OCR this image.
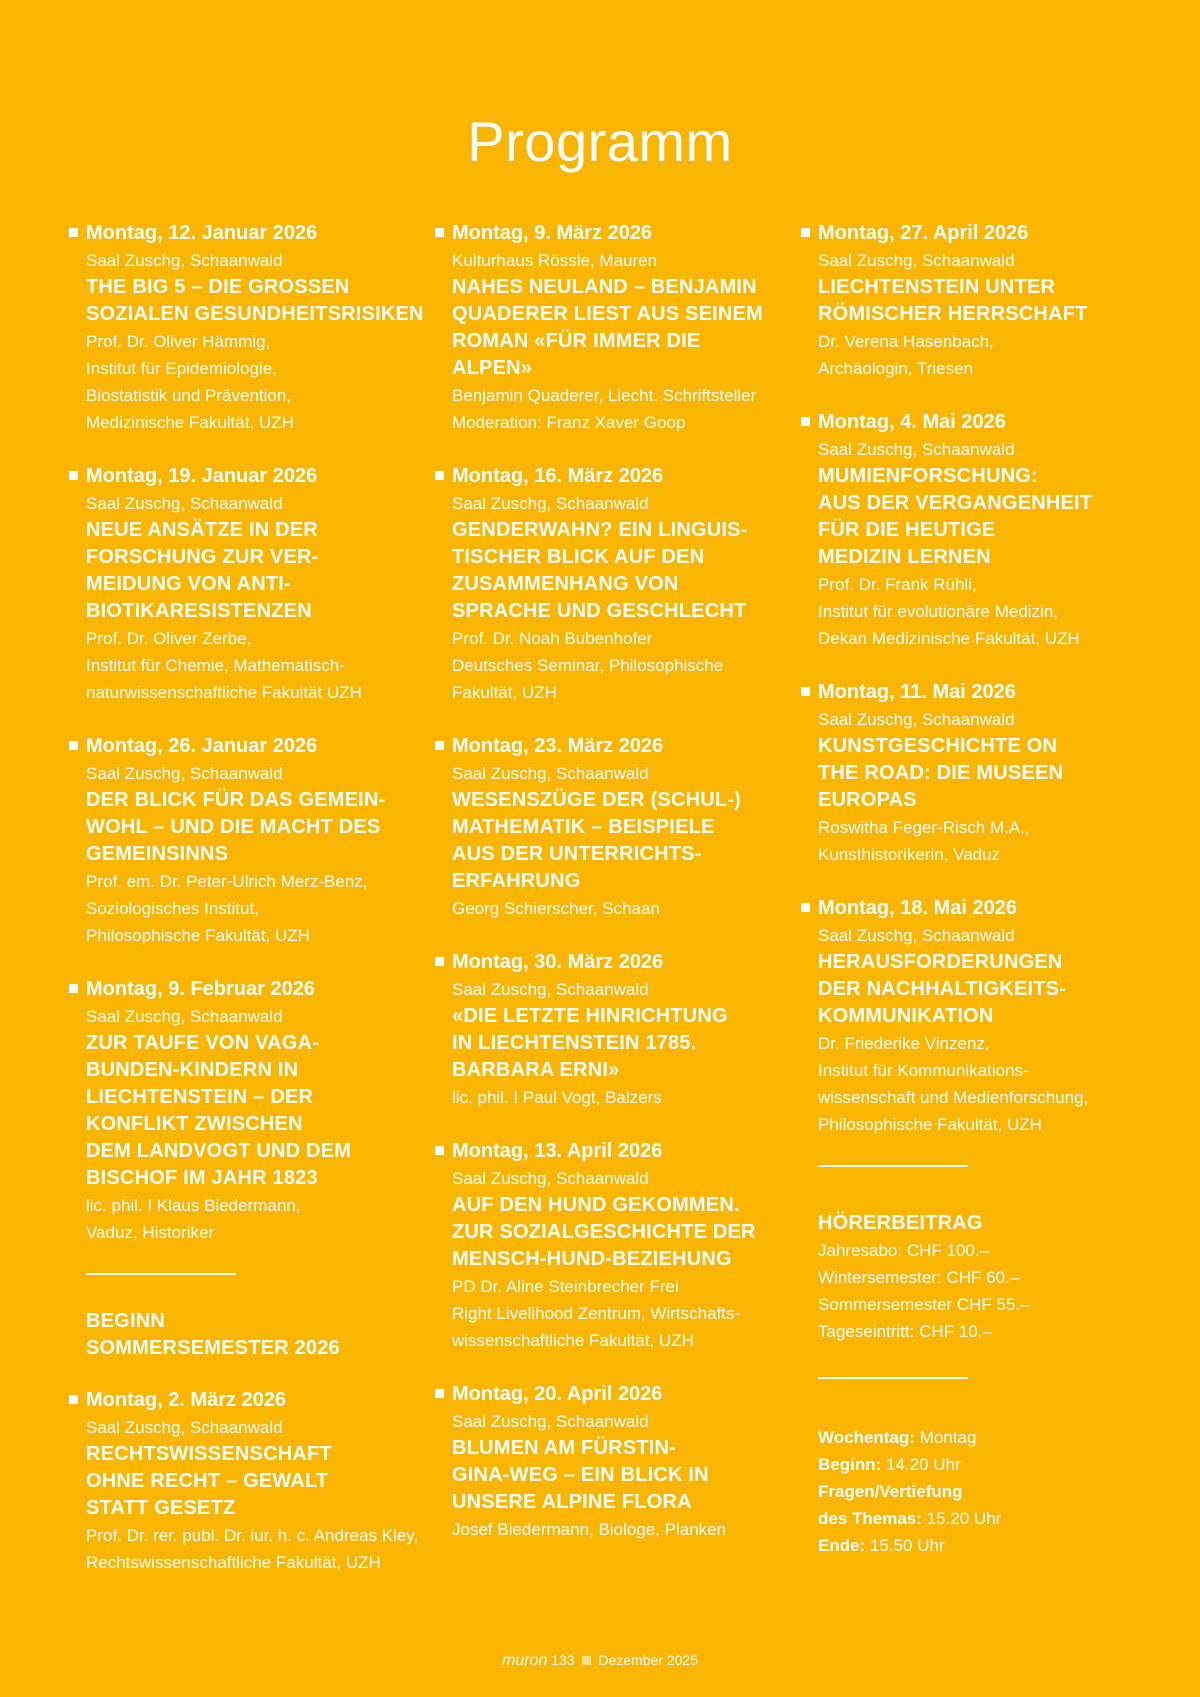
Programm
Montag, 12. Januar 2026
Saal Zuschg, Schaanwald
THE BIG 5 – DIE GROSSEN
SOZIALEN GESUNDHEITSRISIKEN
Prof. Dr. Oliver Hämmig,
Institut für Epidemiologie,
Biostatistik und Prävention,
Medizinische Fakultät, UZH
Montag, 19. Januar 2026
Saal Zuschg, Schaanwald
NEUE ANSÄTZE IN DER
FORSCHUNG ZUR VER-
MEIDUNG VON ANTI-
BIOTIKARESISTENZEN
Prof. Dr. Oliver Zerbe,
Institut für Chemie, Mathematisch-
naturwissenschaftliche Fakultät UZH
Montag, 26. Januar 2026
Saal Zuschg, Schaanwald
DER BLICK FÜR DAS GEMEIN-
WOHL – UND DIE MACHT DES
GEMEINSINNS
Prof. em. Dr. Peter-Ulrich Merz-Benz,
Soziologisches Institut,
Philosophische Fakultät, UZH
Montag, 9. Februar 2026
Saal Zuschg, Schaanwald
ZUR TAUFE VON VAGA-
BUNDEN-KINDERN IN
LIECHTENSTEIN – DER
KONFLIKT ZWISCHEN
DEM LANDVOGT UND DEM
BISCHOF IM JAHR 1823
lic. phil. I Klaus Biedermann,
Vaduz, Historiker
BEGINN
SOMMERSEMESTER 2026
Montag, 2. März 2026
Saal Zuschg, Schaanwald
RECHTSWISSENSCHAFT
OHNE RECHT – GEWALT
STATT GESETZ
Prof. Dr. rer. publ. Dr. iur. h. c. Andreas Kley,
Rechtswissenschaftliche Fakultät, UZH
Montag, 9. März 2026
Kulturhaus Rössle, Mauren
NAHES NEULAND – BENJAMIN
QUADERER LIEST AUS SEINEM
ROMAN «FÜR IMMER DIE
ALPEN»
Benjamin Quaderer, Liecht. Schriftsteller
Moderation: Franz Xaver Goop
Montag, 16. März 2026
Saal Zuschg, Schaanwald
GENDERWAHN? EIN LINGUIS-
TISCHER BLICK AUF DEN
ZUSAMMENHANG VON
SPRACHE UND GESCHLECHT
Prof. Dr. Noah Bubenhofer
Deutsches Seminar, Philosophische
Fakultät, UZH
Montag, 23. März 2026
Saal Zuschg, Schaanwald
WESENSZÜGE DER (SCHUL-)
MATHEMATIK – BEISPIELE
AUS DER UNTERRICHTS-
ERFAHRUNG
Georg Schierscher, Schaan
Montag, 30. März 2026
Saal Zuschg, Schaanwald
«DIE LETZTE HINRICHTUNG
IN LIECHTENSTEIN 1785.
BARBARA ERNI»
lic. phil. I Paul Vogt, Balzers
Montag, 13. April 2026
Saal Zuschg, Schaanwald
AUF DEN HUND GEKOMMEN.
ZUR SOZIALGESCHICHTE DER
MENSCH-HUND-BEZIEHUNG
PD Dr. Aline Steinbrecher Frei
Right Livelihood Zentrum, Wirtschafts-
wissenschaftliche Fakultät, UZH
Montag, 20. April 2026
Saal Zuschg, Schaanwald
BLUMEN AM FÜRSTIN-
GINA-WEG – EIN BLICK IN
UNSERE ALPINE FLORA
Josef Biedermann, Biologe, Planken
Montag, 27. April 2026
Saal Zuschg, Schaanwald
LIECHTENSTEIN UNTER
RÖMISCHER HERRSCHAFT
Dr. Verena Hasenbach,
Archäologin, Triesen
Montag, 4. Mai 2026
Saal Zuschg, Schaanwald
MUMIENFORSCHUNG:
AUS DER VERGANGENHEIT
FÜR DIE HEUTIGE
MEDIZIN LERNEN
Prof. Dr. Frank Rühli,
Institut für evolutionäre Medizin,
Dekan Medizinische Fakultät, UZH
Montag, 11. Mai 2026
Saal Zuschg, Schaanwald
KUNSTGESCHICHTE ON
THE ROAD: DIE MUSEEN
EUROPAS
Roswitha Feger-Risch M.A.,
Kunsthistorikerin, Vaduz
Montag, 18. Mai 2026
Saal Zuschg, Schaanwald
HERAUSFORDERUNGEN
DER NACHHALTIGKEITS-
KOMMUNIKATION
Dr. Friederike Vinzenz,
Institut für Kommunikations-
wissenschaft und Medienforschung,
Philosophische Fakultät, UZH
HÖRERBEITRAG
Jahresabo: CHF 100.–
Wintersemester: CHF 60.–
Sommersemester CHF 55.–
Tageseintritt: CHF 10.–
Wochentag: Montag
Beginn: 14.20 Uhr
Fragen/Vertiefung
des Themas: 15.20 Uhr
Ende: 15.50 Uhr
muron 133 Dezember 2025
